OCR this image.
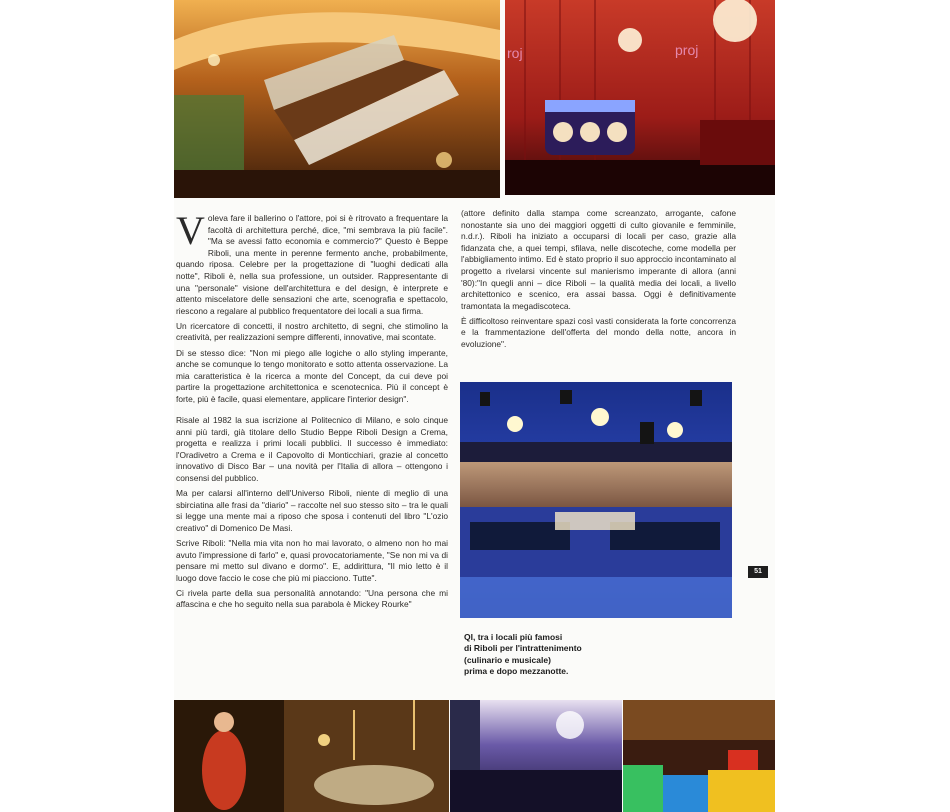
roj	proj

Voleva fare il ballerino o l'attore, poi si è ritrovato a frequentare la facoltà di architettura perché, dice, "mi sembrava la più facile". "Ma se avessi fatto economia e commercio?" Questo è Beppe Riboli, una mente in perenne fermento anche, probabilmente, quando riposa. Celebre per la progettazione di "luoghi dedicati alla notte", Riboli è, nella sua professione, un outsider. Rappresentante di una "personale" visione dell'architettura e del design, è interprete e attento miscelatore delle sensazioni che arte, scenografia e spettacolo, riescono a regalare al pubblico frequentatore dei locali a sua firma.

Un ricercatore di concetti, il nostro architetto, di segni, che stimolino la creatività, per realizzazioni sempre differenti, innovative, mai scontate.

Di se stesso dice: "Non mi piego alle logiche o allo styling imperante, anche se comunque lo tengo monitorato e sotto attenta osservazione. La mia caratteristica è la ricerca a monte del Concept, da cui deve poi partire la progettazione architettonica e scenotecnica. Più il concept è forte, più è facile, quasi elementare, applicare l'interior design".

Risale al 1982 la sua iscrizione al Politecnico di Milano, e solo cinque anni più tardi, già titolare dello Studio Beppe Riboli Design a Crema, progetta e realizza i primi locali pubblici. Il successo è immediato: l'Oradivetro a Crema e il Capovolto di Monticchiari, grazie al concetto innovativo di Disco Bar – una novità per l'Italia di allora – ottengono i consensi del pubblico.

Ma per calarsi all'interno dell'Universo Riboli, niente di meglio di una sbirciatina alle frasi da "diario" – raccolte nel suo stesso sito – tra le quali si legge una mente mai a riposo che sposa i contenuti del libro "L'ozio creativo" di Domenico De Masi.

Scrive Riboli: "Nella mia vita non ho mai lavorato, o almeno non ho mai avuto l'impressione di farlo" e, quasi provocatoriamente, "Se non mi va di pensare mi metto sul divano e dormo". E, addirittura, "Il mio letto è il luogo dove faccio le cose che più mi piacciono. Tutte".

Ci rivela parte della sua personalità annotando: "Una persona che mi affascina e che ho seguito nella sua parabola è Mickey Rourke"

(attore definito dalla stampa come screanzato, arrogante, cafone nonostante sia uno dei maggiori oggetti di culto giovanile e femminile, n.d.r.). Riboli ha iniziato a occuparsi di locali per caso, grazie alla fidanzata che, a quei tempi, sfilava, nelle discoteche, come modella per l'abbigliamento intimo. Ed è stato proprio il suo approccio incontaminato al progetto a rivelarsi vincente sul manierismo imperante di allora (anni '80):"In quegli anni – dice Riboli – la qualità media dei locali, a livello architettonico e scenico, era assai bassa. Oggi è definitivamente tramontata la megadiscoteca.

È difficoltoso reinventare spazi così vasti considerata la forte concorrenza e la frammentazione dell'offerta del mondo della notte, ancora in evoluzione".

51
QI, tra i locali più famosi
di Riboli per l'intrattenimento
(culinario e musicale)
prima e dopo mezzanotte.
